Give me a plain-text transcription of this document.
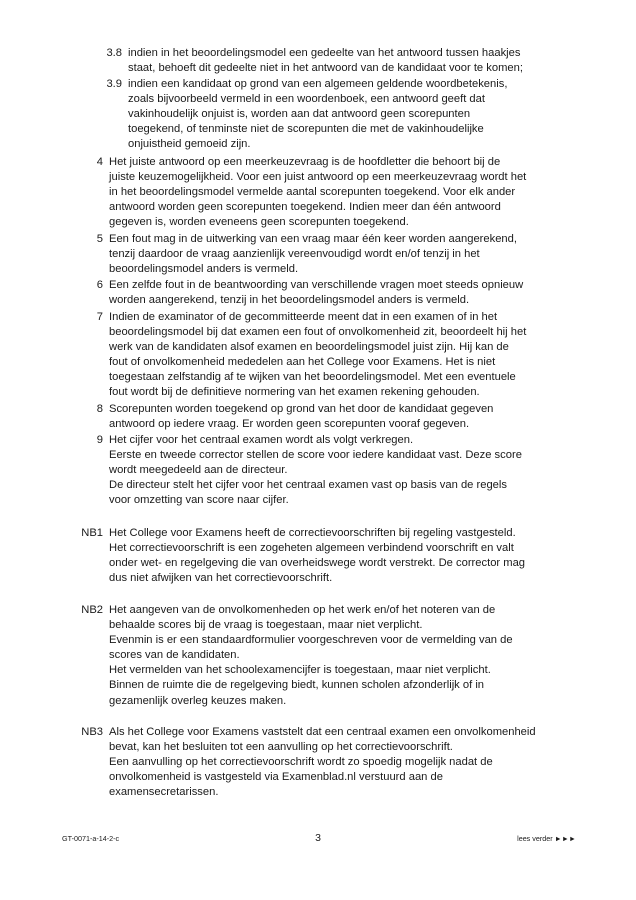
3.8 indien in het beoordelingsmodel een gedeelte van het antwoord tussen haakjes
staat, behoeft dit gedeelte niet in het antwoord van de kandidaat voor te komen;
3.9 indien een kandidaat op grond van een algemeen geldende woordbetekenis,
zoals bijvoorbeeld vermeld in een woordenboek, een antwoord geeft dat
vakinhoudelijk onjuist is, worden aan dat antwoord geen scorepunten
toegekend, of tenminste niet de scorepunten die met de vakinhoudelijke
onjuistheid gemoeid zijn.
4 Het juiste antwoord op een meerkeuzevraag is de hoofdletter die behoort bij de
juiste keuzemogelijkheid. Voor een juist antwoord op een meerkeuzevraag wordt het
in het beoordelingsmodel vermelde aantal scorepunten toegekend. Voor elk ander
antwoord worden geen scorepunten toegekend. Indien meer dan één antwoord
gegeven is, worden eveneens geen scorepunten toegekend.
5 Een fout mag in de uitwerking van een vraag maar één keer worden aangerekend,
tenzij daardoor de vraag aanzienlijk vereenvoudigd wordt en/of tenzij in het
beoordelingsmodel anders is vermeld.
6 Een zelfde fout in de beantwoording van verschillende vragen moet steeds opnieuw
worden aangerekend, tenzij in het beoordelingsmodel anders is vermeld.
7 Indien de examinator of de gecommitteerde meent dat in een examen of in het
beoordelingsmodel bij dat examen een fout of onvolkomenheid zit, beoordeelt hij het
werk van de kandidaten alsof examen en beoordelingsmodel juist zijn. Hij kan de
fout of onvolkomenheid mededelen aan het College voor Examens. Het is niet
toegestaan zelfstandig af te wijken van het beoordelingsmodel. Met een eventuele
fout wordt bij de definitieve normering van het examen rekening gehouden.
8 Scorepunten worden toegekend op grond van het door de kandidaat gegeven
antwoord op iedere vraag. Er worden geen scorepunten vooraf gegeven.
9 Het cijfer voor het centraal examen wordt als volgt verkregen.
Eerste en tweede corrector stellen de score voor iedere kandidaat vast. Deze score
wordt meegedeeld aan de directeur.
De directeur stelt het cijfer voor het centraal examen vast op basis van de regels
voor omzetting van score naar cijfer.
NB1 Het College voor Examens heeft de correctievoorschriften bij regeling vastgesteld.
Het correctievoorschrift is een zogeheten algemeen verbindend voorschrift en valt
onder wet- en regelgeving die van overheidswege wordt verstrekt. De corrector mag
dus niet afwijken van het correctievoorschrift.
NB2 Het aangeven van de onvolkomenheden op het werk en/of het noteren van de
behaalde scores bij de vraag is toegestaan, maar niet verplicht.
Evenmin is er een standaardformulier voorgeschreven voor de vermelding van de
scores van de kandidaten.
Het vermelden van het schoolexamencijfer is toegestaan, maar niet verplicht.
Binnen de ruimte die de regelgeving biedt, kunnen scholen afzonderlijk of in
gezamenlijk overleg keuzes maken.
NB3 Als het College voor Examens vaststelt dat een centraal examen een onvolkomenheid
bevat, kan het besluiten tot een aanvulling op het correctievoorschrift.
Een aanvulling op het correctievoorschrift wordt zo spoedig mogelijk nadat de
onvolkomenheid is vastgesteld via Examenblad.nl verstuurd aan de
examensecretarissen.
GT-0071-a-14-2-c	3	lees verder ►►►
